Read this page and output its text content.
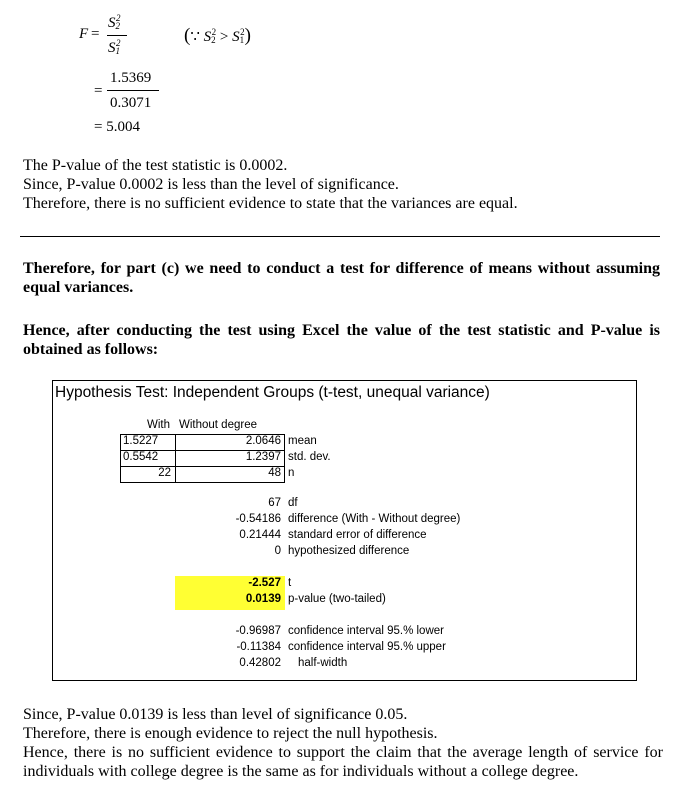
F =
$S_2^2$
$S_1^2$	(∵ $S_2^2 > S_1^2$)
=
1.5369
0.3071
= 5.004
The P-value of the test statistic is 0.0002.
Since, P-value 0.0002 is less than the level of significance.
Therefore, there is no sufficient evidence to state that the variances are equal.
Therefore, for part (c) we need to conduct a test for difference of means without assuming equal variances.
Hence, after conducting the test using Excel the value of the test statistic and P-value is obtained as follows:
Hypothesis Test: Independent Groups (t-test, unequal variance)
With Without degree
1.5227	2.0646 mean
0.5542	1.2397 std. dev.
22	48 n
67 df
-0.54186 difference (With - Without degree)
0.21444 standard error of difference
0 hypothesized difference
-2.527 t
0.0139 p-value (two-tailed)
-0.96987 confidence interval 95.% lower
-0.11384 confidence interval 95.% upper
0.42802 half-width
Since, P-value 0.0139 is less than level of significance 0.05.
Therefore, there is enough evidence to reject the null hypothesis.
Hence, there is no sufficient evidence to support the claim that the average length of service for individuals with college degree is the same as for individuals without a college degree.
